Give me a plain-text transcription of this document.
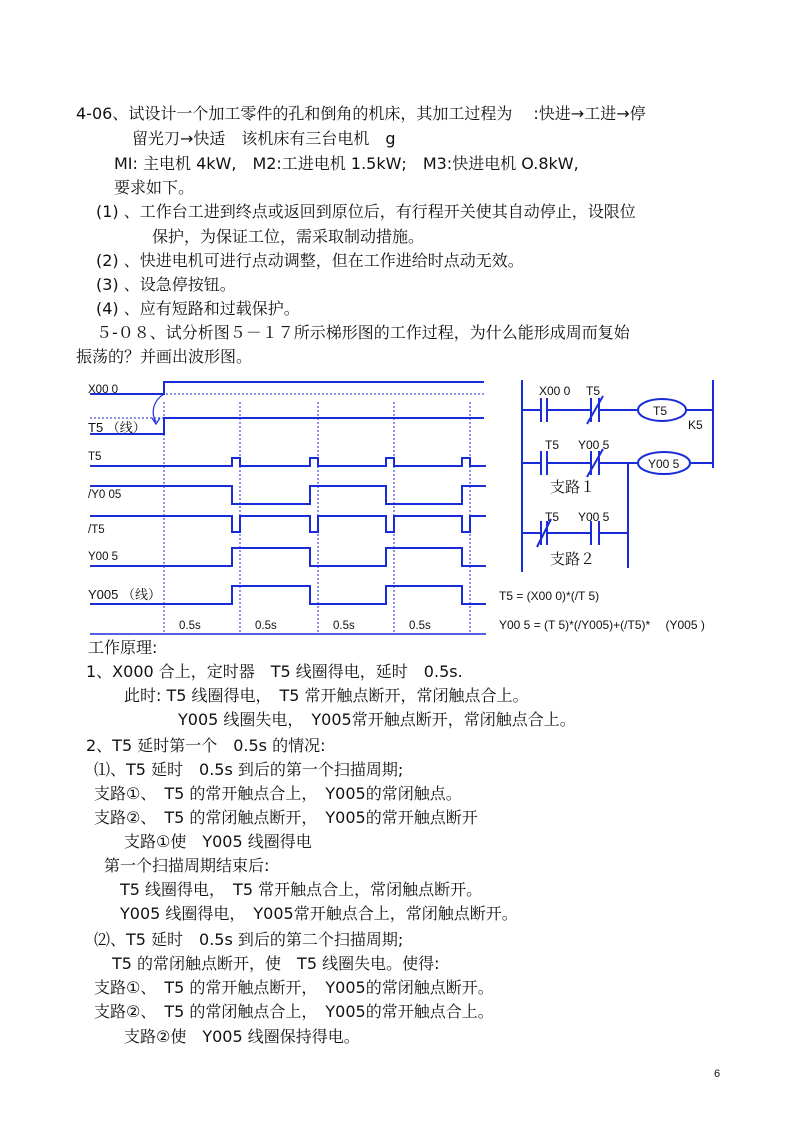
4-06、试设计一个加工零件的孔和倒角的机床，其加工过程为　 :快进→工进→停
留光刀→快适　该机床有三台电机　g
MI: 主电机 4kW,　M2:工进电机 1.5kW;　M3:快进电机 O.8kW,
要求如下。
(1) 、工作台工进到终点或返回到原位后，有行程开关使其自动停止，设限位
保护，为保证工位，需采取制动措施。
(2) 、快进电机可进行点动调整，但在工作进给时点动无效。
(3) 、设急停按钮。
(4) 、应有短路和过载保护。
５-０８、试分析图５－１７所示梯形图的工作过程，为什么能形成周而复始
振荡的？并画出波形图。
X00 0
T5 （线）
T5
/Y0 05
/T5
Y00 5
Y005 （线）
0.5s	0.5s	0.5s	0.5s
X00 0 T5
T5
K5
T5 Y00 5
Y00 5
支路１
T5 Y00 5
支路２
T5 = (X00 0)*(/T 5)
Y00 5 = (T 5)*(/Y005)+(/T5)*　 (Y005 )
工作原理:
1、X000 合上，定时器　T5 线圈得电，延时　0.5s.
此时: T5 线圈得电，　T5 常开触点断开，常闭触点合上。
Y005 线圈失电，　Y005常开触点断开，常闭触点合上。
2、T5 延时第一个　0.5s 的情况:
⑴、T5 延时　0.5s 到后的第一个扫描周期;
支路①、　T5 的常开触点合上，　Y005的常闭触点。
支路②、　T5 的常闭触点断开，　Y005的常开触点断开
支路①使　Y005 线圈得电
第一个扫描周期结束后:
T5 线圈得电，　T5 常开触点合上，常闭触点断开。
Y005 线圈得电，　Y005常开触点合上，常闭触点断开。
⑵、T5 延时　0.5s 到后的第二个扫描周期;
T5 的常闭触点断开，使　T5 线圈失电。使得:
支路①、　T5 的常开触点断开，　Y005的常闭触点断开。
支路②、　T5 的常闭触点合上，　Y005的常开触点合上。
支路②使　Y005 线圈保持得电。
6
